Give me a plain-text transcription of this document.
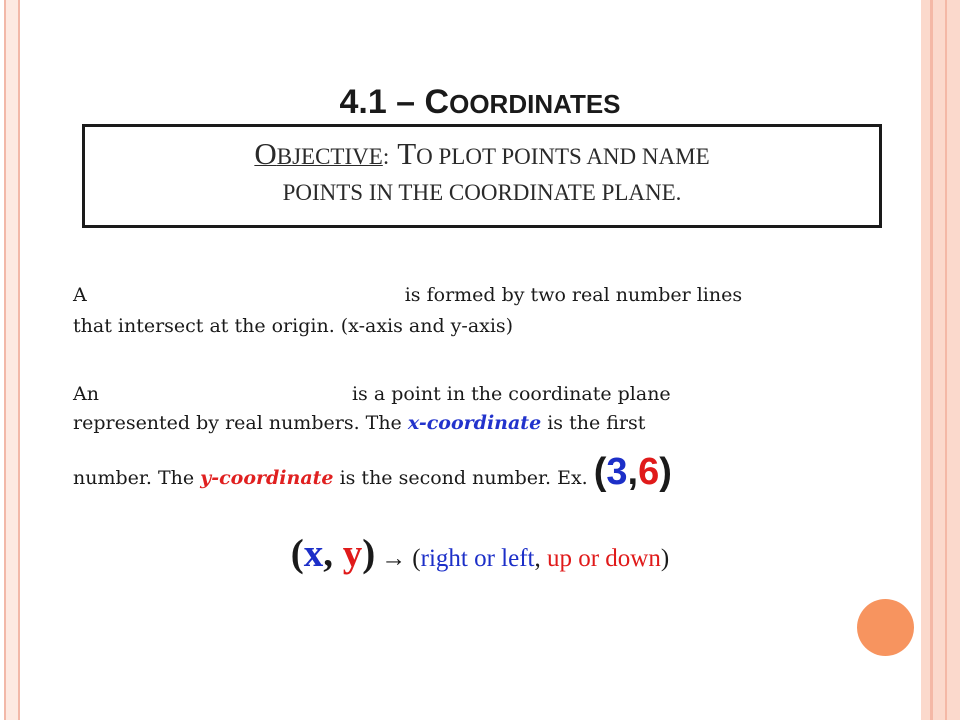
4.1 – COORDINATES
OBJECTIVE: TO PLOT POINTS AND NAME
POINTS IN THE COORDINATE PLANE.
A	is formed by two real number lines
that intersect at the origin. (x-axis and y-axis)
An	is a point in the coordinate plane
represented by real numbers. The x-coordinate is the first
number. The y-coordinate is the second number. Ex. (3,6)
(x, y) → (right or left, up or down)
